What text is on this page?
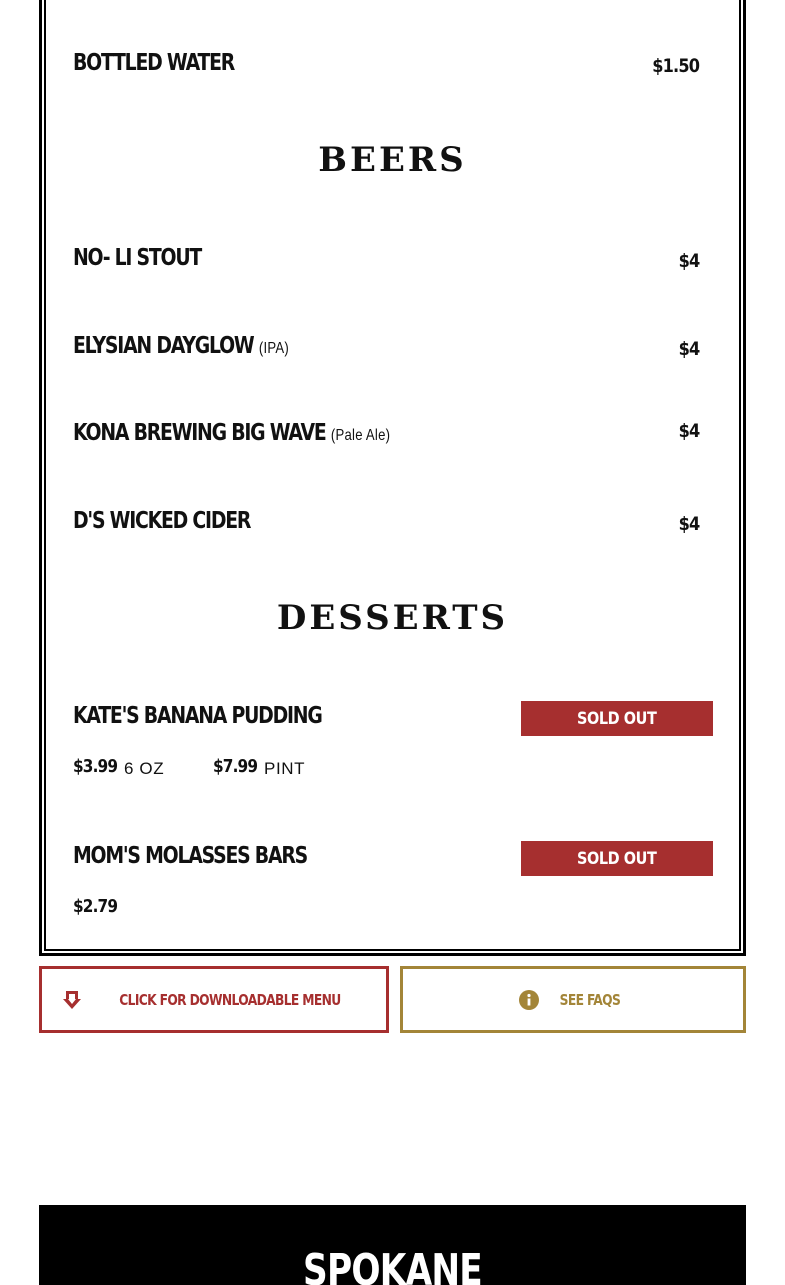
BOTTLED WATER	$1.50
BEERS
NO- LI STOUT	$4
ELYSIAN DAYGLOW (IPA)	$4
KONA BREWING BIG WAVE (Pale Ale)	$4
D'S WICKED CIDER	$4
DESSERTS
KATE'S BANANA PUDDING	SOLD OUT
$3.99 6 OZ	$7.99 PINT
MOM'S MOLASSES BARS	SOLD OUT
$2.79
CLICK FOR DOWNLOADABLE MENU	SEE FAQS
SPOKANE
